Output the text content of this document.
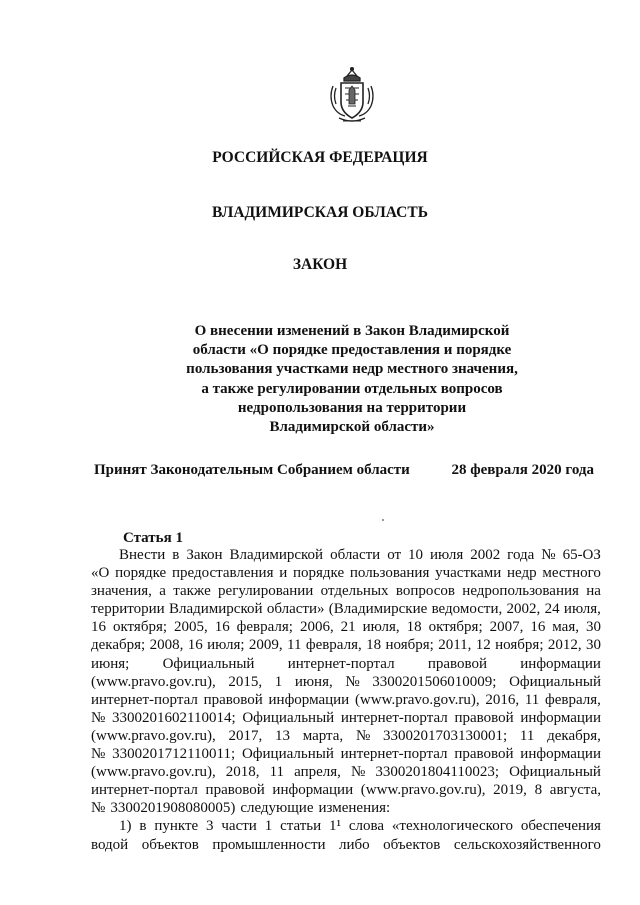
РОССИЙСКАЯ ФЕДЕРАЦИЯ
ВЛАДИМИРСКАЯ ОБЛАСТЬ
ЗАКОН
О внесении изменений в Закон Владимирской
области «О порядке предоставления и порядке
пользования участками недр местного значения,
а также регулировании отдельных вопросов
недропользования на территории
Владимирской области»
Принят Законодательным Собранием области	28 февраля 2020 года
Статья 1
Внести в Закон Владимирской области от 10 июля 2002 года № 65-ОЗ
«О порядке предоставления и порядке пользования участками недр местного
значения, а также регулировании отдельных вопросов недропользования на
территории Владимирской области» (Владимирские ведомости, 2002, 24 июля,
16 октября; 2005, 16 февраля; 2006, 21 июля, 18 октября; 2007, 16 мая, 30
декабря; 2008, 16 июля; 2009, 11 февраля, 18 ноября; 2011, 12 ноября; 2012, 30
июня; Официальный интернет-портал правовой информации
(www.pravo.gov.ru), 2015, 1 июня, № 3300201506010009; Официальный
интернет-портал правовой информации (www.pravo.gov.ru), 2016, 11 февраля,
№ 3300201602110014; Официальный интернет-портал правовой информации
(www.pravo.gov.ru), 2017, 13 марта, № 3300201703130001; 11 декабря,
№ 3300201712110011; Официальный интернет-портал правовой информации
(www.pravo.gov.ru), 2018, 11 апреля, № 3300201804110023; Официальный
интернет-портал правовой информации (www.pravo.gov.ru), 2019, 8 августа,
№ 3300201908080005) следующие изменения:
1) в пункте 3 части 1 статьи 1¹ слова «технологического обеспечения
водой объектов промышленности либо объектов сельскохозяйственного
